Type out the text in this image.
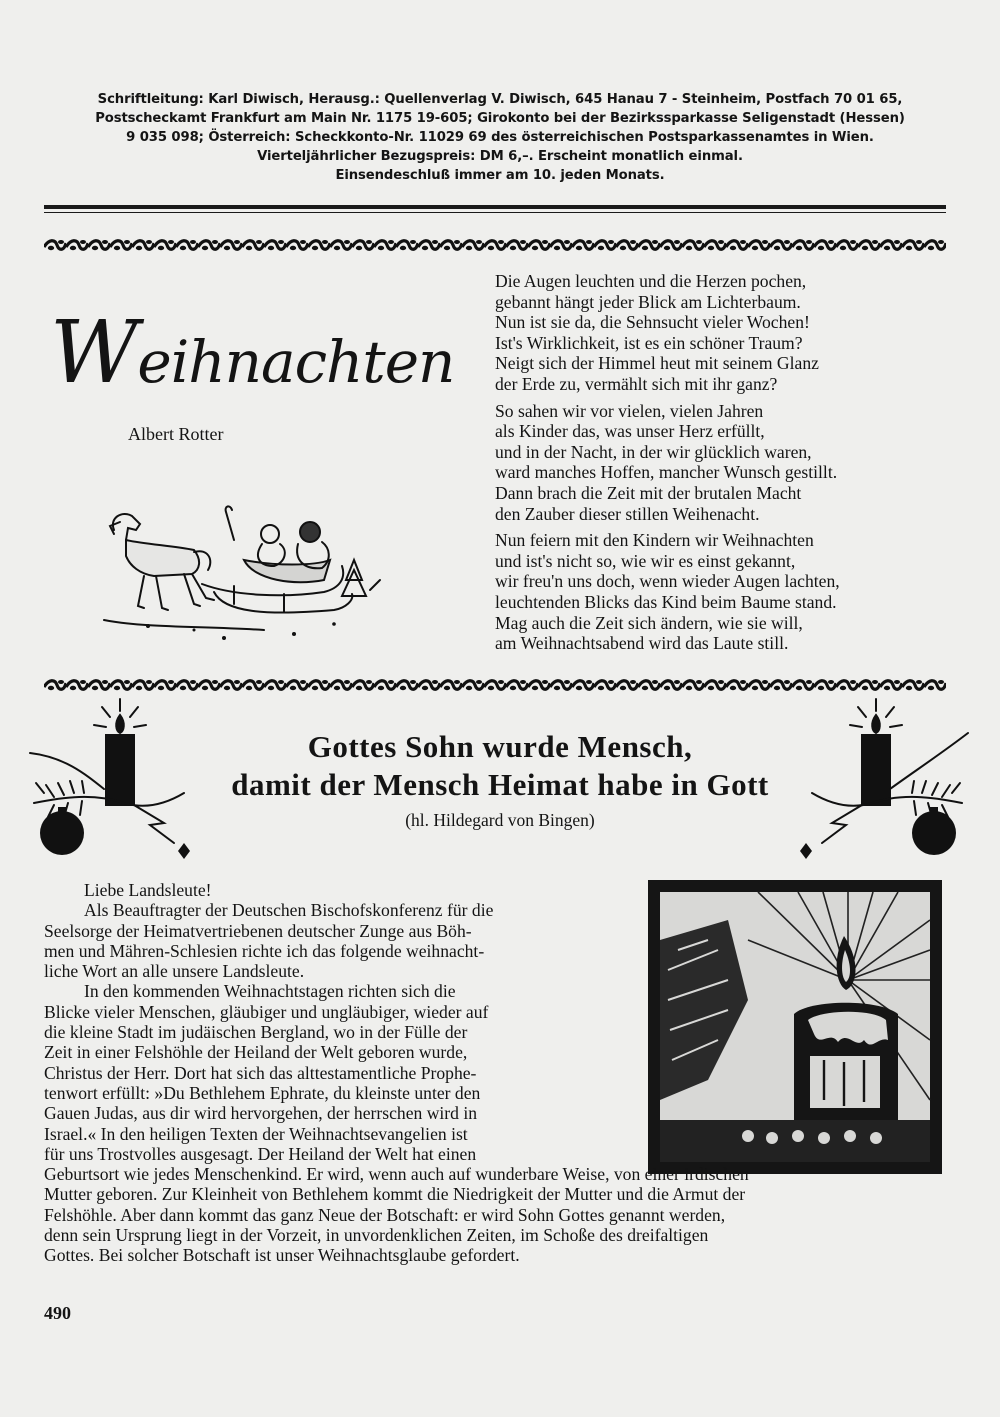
Schriftleitung: Karl Diwisch, Herausg.: Quellenverlag V. Diwisch, 645 Hanau 7 - Steinheim, Postfach 70 01 65,
Postscheckamt Frankfurt am Main Nr. 1175 19-605; Girokonto bei der Bezirkssparkasse Seligenstadt (Hessen)
9 035 098; Österreich: Scheckkonto-Nr. 11029 69 des österreichischen Postsparkassenamtes in Wien.
Vierteljährlicher Bezugspreis: DM 6,–. Erscheint monatlich einmal.
Einsendeschluß immer am 10. jeden Monats.
Weihnachten
Albert Rotter
Die Augen leuchten und die Herzen pochen,
gebannt hängt jeder Blick am Lichterbaum.
Nun ist sie da, die Sehnsucht vieler Wochen!
Ist's Wirklichkeit, ist es ein schöner Traum?
Neigt sich der Himmel heut mit seinem Glanz
der Erde zu, vermählt sich mit ihr ganz?
So sahen wir vor vielen, vielen Jahren
als Kinder das, was unser Herz erfüllt,
und in der Nacht, in der wir glücklich waren,
ward manches Hoffen, mancher Wunsch gestillt.
Dann brach die Zeit mit der brutalen Macht
den Zauber dieser stillen Weihenacht.
Nun feiern mit den Kindern wir Weihnachten
und ist's nicht so, wie wir es einst gekannt,
wir freu'n uns doch, wenn wieder Augen lachten,
leuchtenden Blicks das Kind beim Baume stand.
Mag auch die Zeit sich ändern, wie sie will,
am Weihnachtsabend wird das Laute still.
Gottes Sohn wurde Mensch,
damit der Mensch Heimat habe in Gott
(hl. Hildegard von Bingen)
Liebe Landsleute!
Als Beauftragter der Deutschen Bischofskonferenz für die
Seelsorge der Heimatvertriebenen deutscher Zunge aus Böh-
men und Mähren-Schlesien richte ich das folgende weihnacht-
liche Wort an alle unsere Landsleute.
In den kommenden Weihnachtstagen richten sich die
Blicke vieler Menschen, gläubiger und ungläubiger, wieder auf
die kleine Stadt im judäischen Bergland, wo in der Fülle der
Zeit in einer Felshöhle der Heiland der Welt geboren wurde,
Christus der Herr. Dort hat sich das alttestamentliche Prophe-
tenwort erfüllt: »Du Bethlehem Ephrate, du kleinste unter den
Gauen Judas, aus dir wird hervorgehen, der herrschen wird in
Israel.« In den heiligen Texten der Weihnachtsevangelien ist
für uns Trostvolles ausgesagt. Der Heiland der Welt hat einen
Geburtsort wie jedes Menschenkind. Er wird, wenn auch auf wunderbare Weise, von einer irdischen
Mutter geboren. Zur Kleinheit von Bethlehem kommt die Niedrigkeit der Mutter und die Armut der
Felshöhle. Aber dann kommt das ganz Neue der Botschaft: er wird Sohn Gottes genannt werden,
denn sein Ursprung liegt in der Vorzeit, in unvordenklichen Zeiten, im Schoße des dreifaltigen
Gottes. Bei solcher Botschaft ist unser Weihnachtsglaube gefordert.
490
